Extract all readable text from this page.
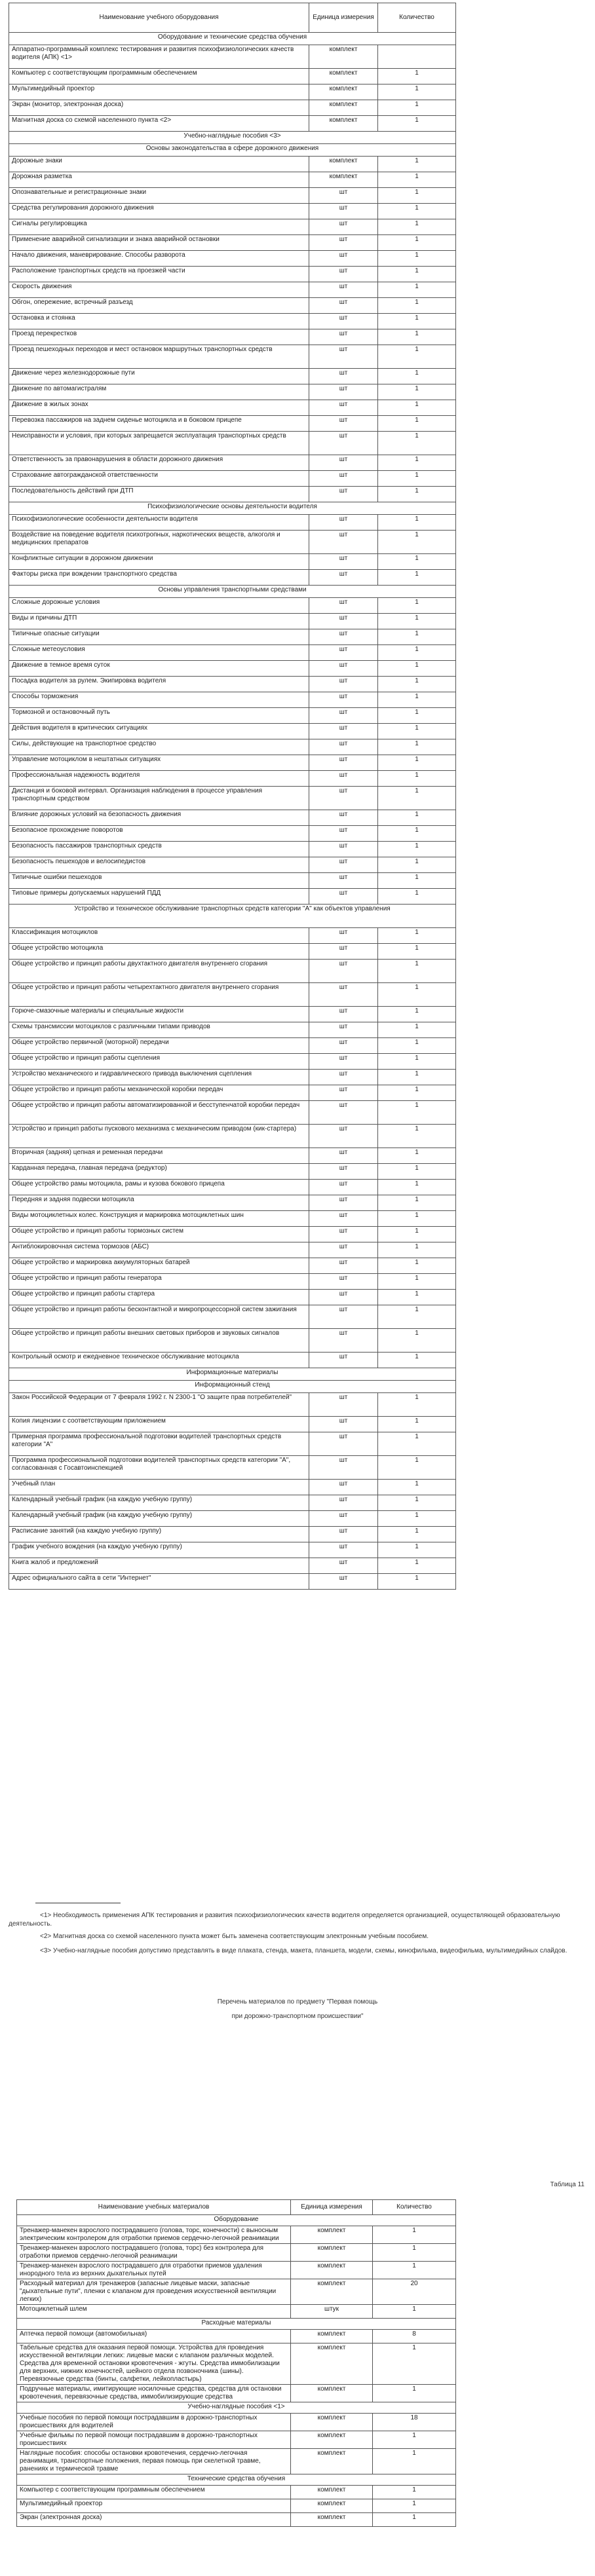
Наименование учебного оборудования	Единица измерения	Количество
Оборудование и технические средства обучения		
Аппаратно-программный комплекс тестирования и развития психофизиологических качеств водителя (АПК) <1>	комплект	
Компьютер с соответствующим программным обеспечением	комплект	1
Мультимедийный проектор	комплект	1
Экран (монитор, электронная доска)	комплект	1
Магнитная доска со схемой населенного пункта <2>	комплект	1
Учебно-наглядные пособия <3>		
Основы законодательства в сфере дорожного движения		
Дорожные знаки	комплект	1
Дорожная разметка	комплект	1
Опознавательные и регистрационные знаки	шт	1
Средства регулирования дорожного движения	шт	1
Сигналы регулировщика	шт	1
Применение аварийной сигнализации и знака аварийной остановки	шт	1
Начало движения, маневрирование. Способы разворота	шт	1
Расположение транспортных средств на проезжей части	шт	1
Скорость движения	шт	1
Обгон, опережение, встречный разъезд	шт	1
Остановка и стоянка	шт	1
Проезд перекрестков	шт	1
Проезд пешеходных переходов и мест остановок маршрутных транспортных средств	шт	1
Движение через железнодорожные пути	шт	1
Движение по автомагистралям	шт	1
Движение в жилых зонах	шт	1
Перевозка пассажиров на заднем сиденье мотоцикла и в боковом прицепе	шт	1
Неисправности и условия, при которых запрещается эксплуатация транспортных средств	шт	1
Ответственность за правонарушения в области дорожного движения	шт	1
Страхование автогражданской ответственности	шт	1
Последовательность действий при ДТП	шт	1
Психофизиологические основы деятельности водителя		
Психофизиологические особенности деятельности водителя	шт	1
Воздействие на поведение водителя психотропных, наркотических веществ, алкоголя и медицинских препаратов	шт	1
Конфликтные ситуации в дорожном движении	шт	1
Факторы риска при вождении транспортного средства	шт	1
Основы управления транспортными средствами		
Сложные дорожные условия	шт	1
Виды и причины ДТП	шт	1
Типичные опасные ситуации	шт	1
Сложные метеоусловия	шт	1
Движение в темное время суток	шт	1
Посадка водителя за рулем. Экипировка водителя	шт	1
Способы торможения	шт	1
Тормозной и остановочный путь	шт	1
Действия водителя в критических ситуациях	шт	1
Силы, действующие на транспортное средство	шт	1
Управление мотоциклом в нештатных ситуациях	шт	1
Профессиональная надежность водителя	шт	1
Дистанция и боковой интервал. Организация наблюдения в процессе управления транспортным средством	шт	1
Влияние дорожных условий на безопасность движения	шт	1
Безопасное прохождение поворотов	шт	1
Безопасность пассажиров транспортных средств	шт	1
Безопасность пешеходов и велосипедистов	шт	1
Типичные ошибки пешеходов	шт	1
Типовые примеры допускаемых нарушений ПДД	шт	1
Устройство и техническое обслуживание транспортных средств категории "A" как объектов управления		
Классификация мотоциклов	шт	1
Общее устройство мотоцикла	шт	1
Общее устройство и принцип работы двухтактного двигателя внутреннего сгорания	шт	1
Общее устройство и принцип работы четырехтактного двигателя внутреннего сгорания	шт	1
Горюче-смазочные материалы и специальные жидкости	шт	1
Схемы трансмиссии мотоциклов с различными типами приводов	шт	1
Общее устройство первичной (моторной) передачи	шт	1
Общее устройство и принцип работы сцепления	шт	1
Устройство механического и гидравлического привода выключения сцепления	шт	1
Общее устройство и принцип работы механической коробки передач	шт	1
Общее устройство и принцип работы автоматизированной и бесступенчатой коробки передач	шт	1
Устройство и принцип работы пускового механизма с механическим приводом (кик-стартера)	шт	1
Вторичная (задняя) цепная и ременная передачи	шт	1
Карданная передача, главная передача (редуктор)	шт	1
Общее устройство рамы мотоцикла, рамы и кузова бокового прицепа	шт	1
Передняя и задняя подвески мотоцикла	шт	1
Виды мотоциклетных колес. Конструкция и маркировка мотоциклетных шин	шт	1
Общее устройство и принцип работы тормозных систем	шт	1
Антиблокировочная система тормозов (АБС)	шт	1
Общее устройство и маркировка аккумуляторных батарей	шт	1
Общее устройство и принцип работы генератора	шт	1
Общее устройство и принцип работы стартера	шт	1
Общее устройство и принцип работы бесконтактной и микропроцессорной систем зажигания	шт	1
Общее устройство и принцип работы внешних световых приборов и звуковых сигналов	шт	1
Контрольный осмотр и ежедневное техническое обслуживание мотоцикла	шт	1
Информационные материалы		
Информационный стенд		
Закон Российской Федерации от 7 февраля 1992 г. N 2300-1 "О защите прав потребителей"	шт	1
Копия лицензии с соответствующим приложением	шт	1
Примерная программа профессиональной подготовки водителей транспортных средств категории "A"	шт	1
Программа профессиональной подготовки водителей транспортных средств категории "A", согласованная с Госавтоинспекцией	шт	1
Учебный план	шт	1
Календарный учебный график (на каждую учебную группу)	шт	1
Календарный учебный график (на каждую учебную группу)	шт	1
Расписание занятий (на каждую учебную группу)	шт	1
График учебного вождения (на каждую учебную группу)	шт	1
Книга жалоб и предложений	шт	1
Адрес официального сайта в сети "Интернет"	шт	1
<1> Необходимость применения АПК тестирования и развития психофизиологических качеств водителя определяется организацией, осуществляющей образовательную деятельность.
<2> Магнитная доска со схемой населенного пункта может быть заменена соответствующим электронным учебным пособием.
<3> Учебно-наглядные пособия допустимо представлять в виде плаката, стенда, макета, планшета, модели, схемы, кинофильма, видеофильма, мультимедийных слайдов.
Перечень материалов по предмету "Первая помощь
при дорожно-транспортном происшествии"
Таблица 11
Наименование учебных материалов	Единица измерения	Количество
Оборудование		
Тренажер-манекен взрослого пострадавшего (голова, торс, конечности) с выносным электрическим контролером для отработки приемов сердечно-легочной реанимации	комплект	1
Тренажер-манекен взрослого пострадавшего (голова, торс) без контролера для отработки приемов сердечно-легочной реанимации	комплект	1
Тренажер-манекен взрослого пострадавшего для отработки приемов удаления инородного тела из верхних дыхательных путей	комплект	1
Расходный материал для тренажеров (запасные лицевые маски, запасные "дыхательные пути", пленки с клапаном для проведения искусственной вентиляции легких)	комплект	20
Мотоциклетный шлем	штук	1
Расходные материалы		
Аптечка первой помощи (автомобильная)	комплект	8
Табельные средства для оказания первой помощи. Устройства для проведения искусственной вентиляции легких: лицевые маски с клапаном различных моделей. Средства для временной остановки кровотечения - жгуты. Средства иммобилизации для верхних, нижних конечностей, шейного отдела позвоночника (шины). Перевязочные средства (бинты, салфетки, лейкопластырь)	комплект	1
Подручные материалы, имитирующие носилочные средства, средства для остановки кровотечения, перевязочные средства, иммобилизирующие средства	комплект	1
Учебно-наглядные пособия <1>		
Учебные пособия по первой помощи пострадавшим в дорожно-транспортных происшествиях для водителей	комплект	18
Учебные фильмы по первой помощи пострадавшим в дорожно-транспортных происшествиях	комплект	1
Наглядные пособия: способы остановки кровотечения, сердечно-легочная реанимация, транспортные положения, первая помощь при скелетной травме, ранениях и термической травме	комплект	1
Технические средства обучения		
Компьютер с соответствующим программным обеспечением	комплект	1
Мультимедийный проектор	комплект	1
Экран (электронная доска)	комплект	1
